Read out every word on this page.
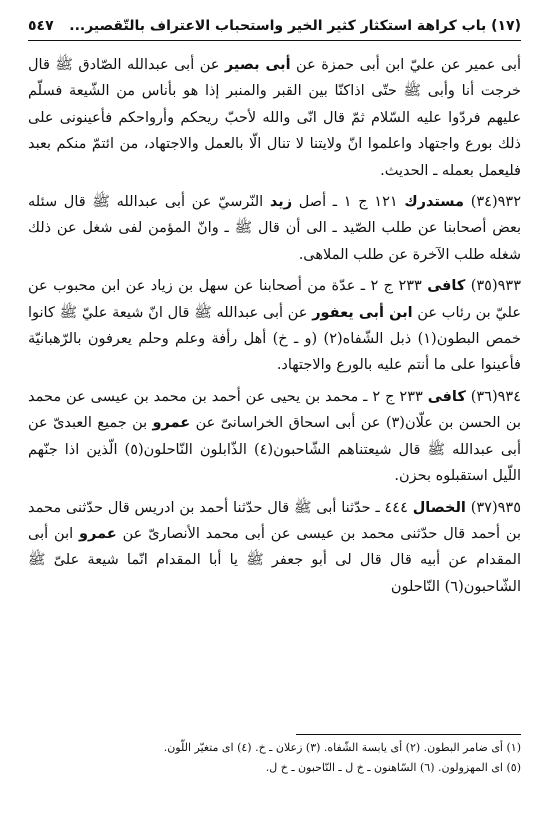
(١٧) باب كراهة استكثار كثير الخير واستحباب الاعتراف بالتّقصير...
٥٤٧

أبى عمير عن عليّ ابن أبى حمزة عن أبى بصير عن أبى عبدالله الصّادق ﷺ قال خرجت أنا وأبى ﷺ حتّى اذاكنّا بين القبر والمنبر إذا هو بأناس من الشّيعة فسلّم عليهم فردّوا عليه السّلام ثمّ قال انّى والله لأحبّ ريحكم وأرواحكم فأعينونى على ذلك بورع واجتهاد واعلموا انّ ولايتنا لا تنال الّا بالعمل والاجتهاد، من ائتمّ منكم بعبد فليعمل بعمله ـ الحديث.

٩٣٢(٣٤) مستدرك ١٢١ ج ١ ـ أصل زيد النّرسيّ عن أبى عبدالله ﷺ قال سئله بعض أصحابنا عن طلب الصّيد ـ الى أن قال ﷺ ـ وانّ المؤمن لفى شغل عن ذلك شغله طلب الآخرة عن طلب الملاهى.

٩٣٣(٣٥) كافى ٢٣٣ ج ٢ ـ عدّة من أصحابنا عن سهل بن زياد عن ابن محبوب عن عليّ بن رئاب عن ابن أبى يعفور عن أبى عبدالله ﷺ قال انّ شيعة عليّ ﷺ كانوا خمص البطون(١) ذبل الشّفاه(٢) (و ـ خ) أهل رأفة وعلم وحلم يعرفون بالرّهبانيّة فأعينوا على ما أنتم عليه بالورع والاجتهاد.

٩٣٤(٣٦) كافى ٢٣٣ ج ٢ ـ محمد بن يحيى عن أحمد بن محمد بن عيسى عن محمد بن الحسن بن علّان(٣) عن أبى اسحاق الخراسانىّ عن عمرو بن جميع العبدىّ عن أبى عبدالله ﷺ قال شيعتناهم الشّاحبون(٤) الذّابلون النّاحلون(٥) الّذين اذا جنّهم اللّيل استقبلوه بحزن.

٩٣٥(٣٧) الخصال ٤٤٤ ـ حدّثنا أبى ﷺ قال حدّثنا أحمد بن ادريس قال حدّثنى محمد بن أحمد قال حدّثنى محمد بن عيسى عن أبى محمد الأنصارىّ عن عمرو ابن أبى المقدام عن أبيه قال قال لى أبو جعفر ﷺ يا أبا المقدام انّما شيعة علىّ ﷺ الشّاحبون(٦) النّاحلون

(١) أى ضامر البطون. (٢) أى يابسة الشّفاه. (٣) زعلان ـ خ. (٤) اى متغيّر اللّون.
(٥) اى المهزولون. (٦) السّاهنون ـ خ ل ـ النّاحبون ـ خ ل.
